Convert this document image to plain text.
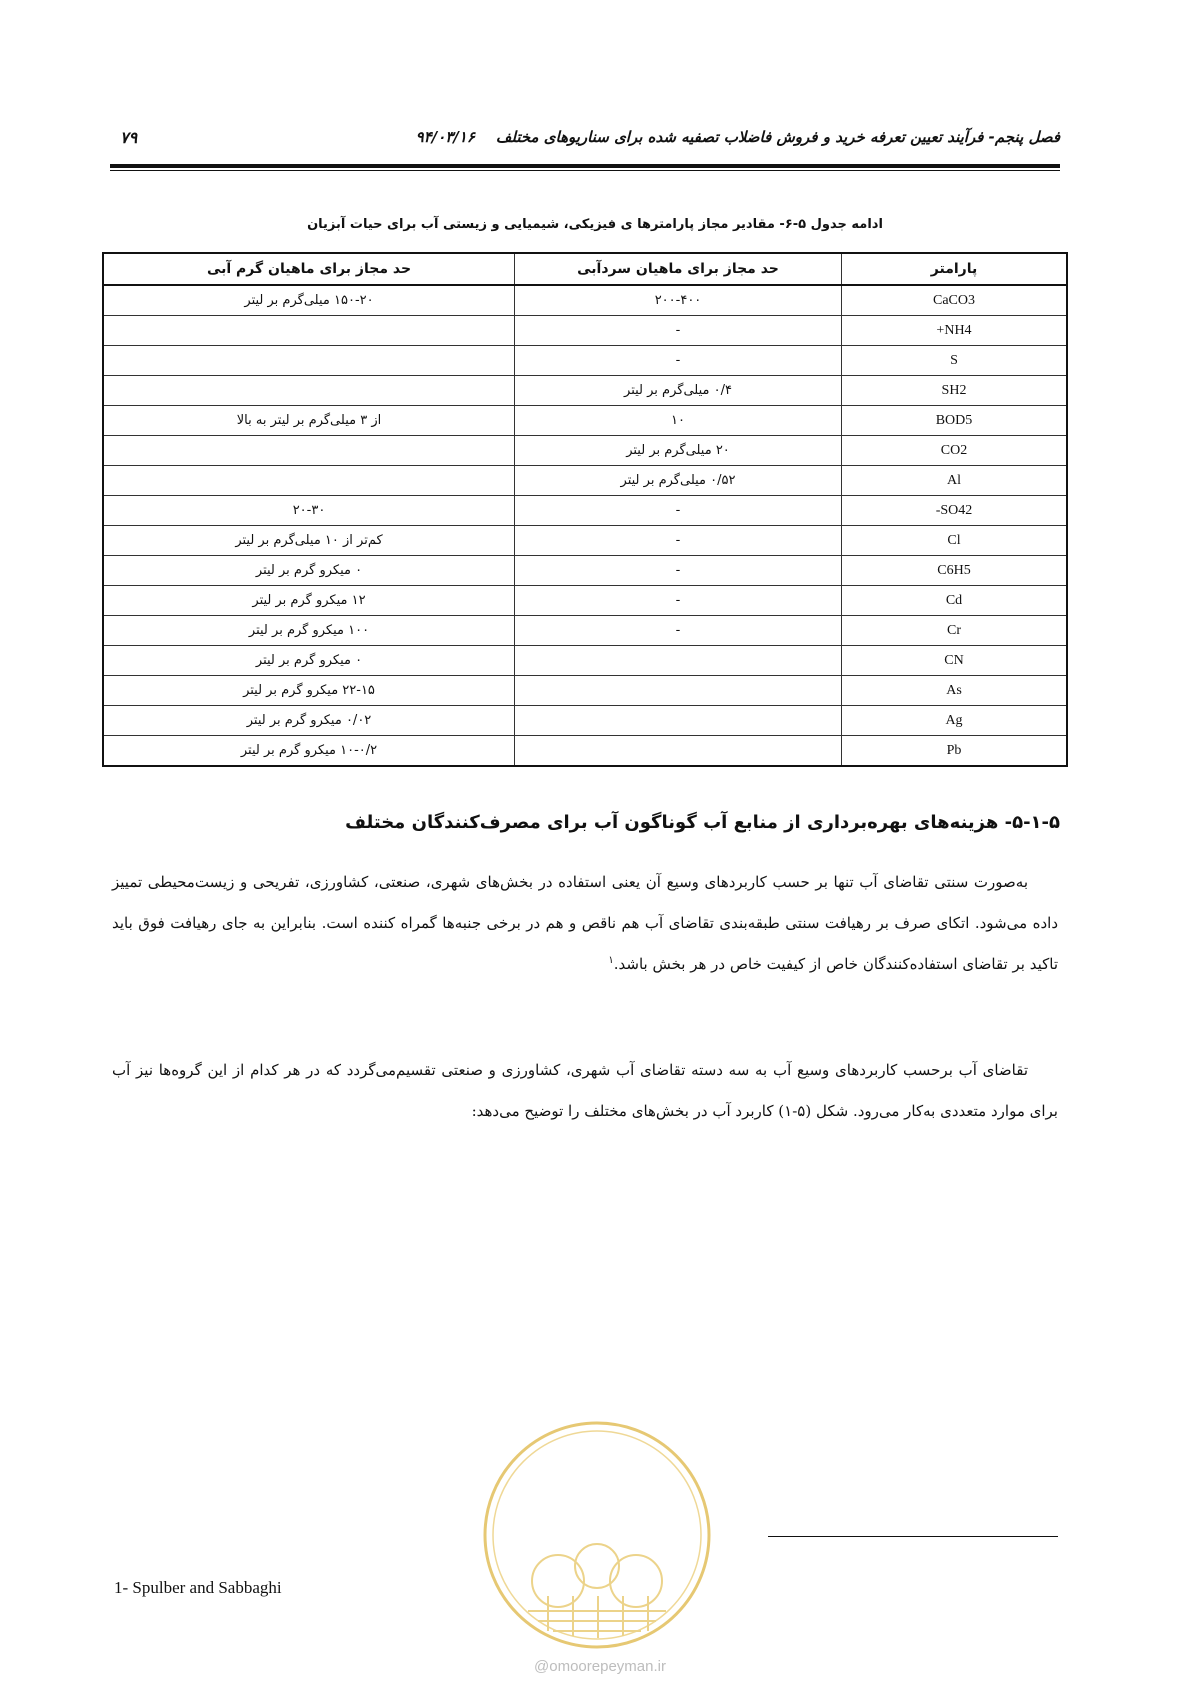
فصل پنجم- فرآیند تعیین تعرفه خرید و فروش فاضلاب تصفیه شده برای سناریوهای مختلف    ۹۴/۰۳/۱۶
۷۹
ادامه جدول ۵-۶- مقادیر مجاز پارامترها ی فیزیکی، شیمیایی و زیستی آب برای حیات آبزیان
پارامتر	حد مجاز برای ماهیان سردآبی	حد مجاز برای ماهیان گرم آبی
CaCO3	۲۰۰-۴۰۰	۱۵۰-۲۰ میلی‌گرم بر لیتر
NH4+	-	
S	-	
SH2	۰/۴ میلی‌گرم بر لیتر	
BOD5	۱۰	از ۳ میلی‌گرم بر لیتر به بالا
CO2	۲۰ میلی‌گرم بر لیتر	
Al	۰/۵۲ میلی‌گرم بر لیتر	
SO42-	-	۲۰-۳۰
Cl	-	کم‌تر از ۱۰ میلی‌گرم بر لیتر
C6H5	-	۰ میکرو گرم بر لیتر
Cd	-	۱۲ میکرو گرم بر لیتر
Cr	-	۱۰۰ میکرو گرم بر لیتر
CN		۰ میکرو گرم بر لیتر
As		۲۲-۱۵ میکرو گرم بر لیتر
Ag		۰/۰۲ میکرو گرم بر لیتر
Pb		۱۰-۰/۲ میکرو گرم بر لیتر
۵-۱-۵- هزینه‌های بهره‌برداری از منابع آب گوناگون آب برای مصرف‌کنندگان مختلف
به‌صورت سنتی تقاضای آب تنها بر حسب کاربردهای وسیع آن یعنی استفاده در بخش‌های شهری، صنعتی، کشاورزی، تفریحی و زیست‌محیطی تمییز داده می‌شود. اتکای صرف بر رهیافت سنتی طبقه‌بندی تقاضای آب هم ناقص و هم در برخی جنبه‌ها گمراه کننده است. بنابراین به جای رهیافت فوق باید تاکید بر تقاضای استفاده‌کنندگان خاص از کیفیت خاص در هر بخش باشد.$^۱$
تقاضای آب برحسب کاربردهای وسیع آب به سه دسته تقاضای آب شهری، کشاورزی و صنعتی تقسیم‌می‌گردد که در هر کدام از این گروه‌ها نیز آب برای موارد متعددی به‌کار می‌رود. شکل (۵-۱) کاربرد آب در بخش‌های مختلف را توضیح می‌دهد:
1- Spulber and Sabbaghi
@omoorepeyman.ir
